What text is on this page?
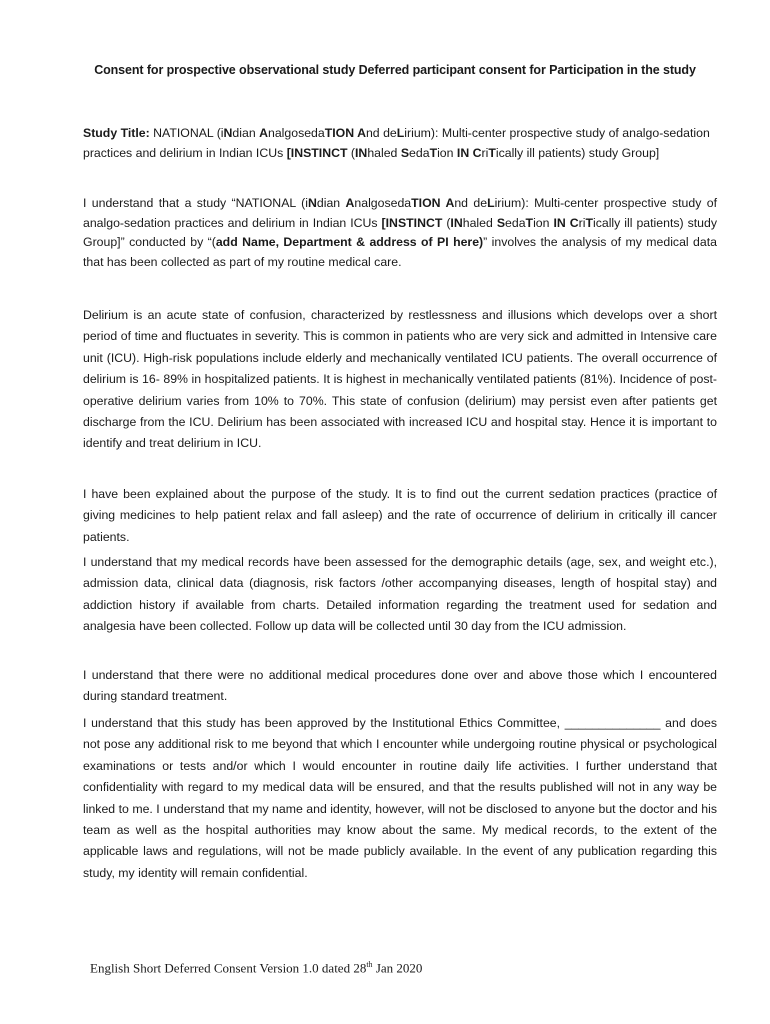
Consent for prospective observational study Deferred participant consent for Participation in the study
Study Title: NATIONAL (iNdian AnalgosedaTION And deLirium): Multi-center prospective study of analgo-sedation practices and delirium in Indian ICUs [INSTINCT (INhaled SedaTion IN CriTically ill patients) study Group]
I understand that a study “NATIONAL (iNdian AnalgosedaTION And deLirium): Multi-center prospective study of analgo-sedation practices and delirium in Indian ICUs [INSTINCT (INhaled SedaTion IN CriTically ill patients) study Group]” conducted by “(add Name, Department & address of PI here)” involves the analysis of my medical data that has been collected as part of my routine medical care.
Delirium is an acute state of confusion, characterized by restlessness and illusions which develops over a short period of time and fluctuates in severity. This is common in patients who are very sick and admitted in Intensive care unit (ICU). High-risk populations include elderly and mechanically ventilated ICU patients. The overall occurrence of delirium is 16- 89% in hospitalized patients. It is highest in mechanically ventilated patients (81%). Incidence of post-operative delirium varies from 10% to 70%. This state of confusion (delirium) may persist even after patients get discharge from the ICU. Delirium has been associated with increased ICU and hospital stay. Hence it is important to identify and treat delirium in ICU.
I have been explained about the purpose of the study. It is to find out the current sedation practices (practice of giving medicines to help patient relax and fall asleep) and the rate of occurrence of delirium in critically ill cancer patients.
I understand that my medical records have been assessed for the demographic details (age, sex, and weight etc.), admission data, clinical data (diagnosis, risk factors /other accompanying diseases, length of hospital stay) and addiction history if available from charts. Detailed information regarding the treatment used for sedation and analgesia have been collected. Follow up data will be collected until 30 day from the ICU admission.
I understand that there were no additional medical procedures done over and above those which I encountered during standard treatment.
I understand that this study has been approved by the Institutional Ethics Committee, ______________ and does not pose any additional risk to me beyond that which I encounter while undergoing routine physical or psychological examinations or tests and/or which I would encounter in routine daily life activities. I further understand that confidentiality with regard to my medical data will be ensured, and that the results published will not in any way be linked to me. I understand that my name and identity, however, will not be disclosed to anyone but the doctor and his team as well as the hospital authorities may know about the same. My medical records, to the extent of the applicable laws and regulations, will not be made publicly available. In the event of any publication regarding this study, my identity will remain confidential.
English Short Deferred Consent Version 1.0 dated 28th Jan 2020
